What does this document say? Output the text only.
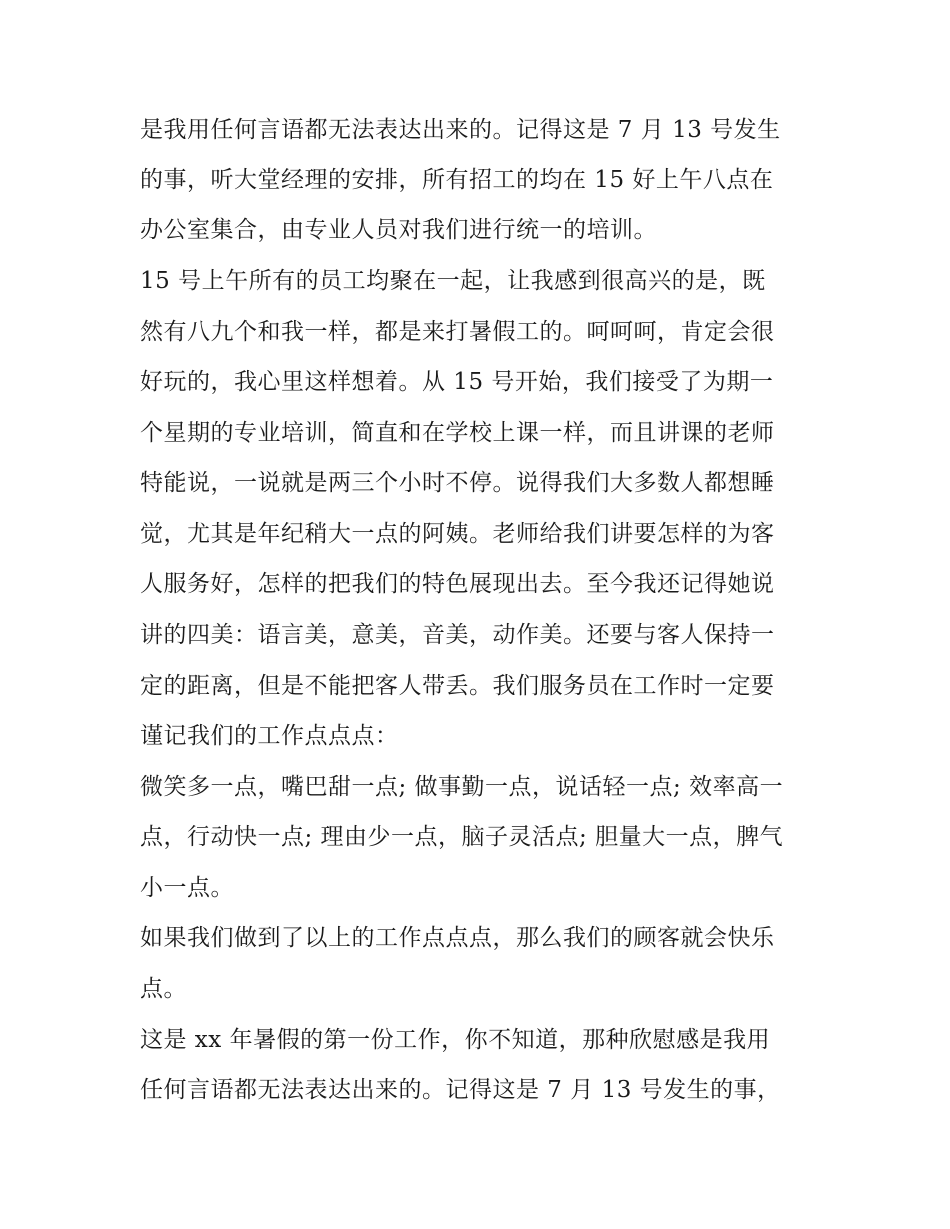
是我用任何言语都无法表达出来的。记得这是 7 月 13 号发生
的事，听大堂经理的安排，所有招工的均在 15 好上午八点在
办公室集合，由专业人员对我们进行统一的培训。
15 号上午所有的员工均聚在一起，让我感到很高兴的是，既
然有八九个和我一样，都是来打暑假工的。呵呵呵，肯定会很
好玩的，我心里这样想着。从 15 号开始，我们接受了为期一
个星期的专业培训，简直和在学校上课一样，而且讲课的老师
特能说，一说就是两三个小时不停。说得我们大多数人都想睡
觉，尤其是年纪稍大一点的阿姨。老师给我们讲要怎样的为客
人服务好，怎样的把我们的特色展现出去。至今我还记得她说
讲的四美：语言美，意美，音美，动作美。还要与客人保持一
定的距离，但是不能把客人带丢。我们服务员在工作时一定要
谨记我们的工作点点点：
微笑多一点，嘴巴甜一点; 做事勤一点，说话轻一点; 效率高一
点，行动快一点; 理由少一点，脑子灵活点; 胆量大一点，脾气
小一点。
如果我们做到了以上的工作点点点，那么我们的顾客就会快乐
点。
这是 xx 年暑假的第一份工作，你不知道，那种欣慰感是我用
任何言语都无法表达出来的。记得这是 7 月 13 号发生的事，
